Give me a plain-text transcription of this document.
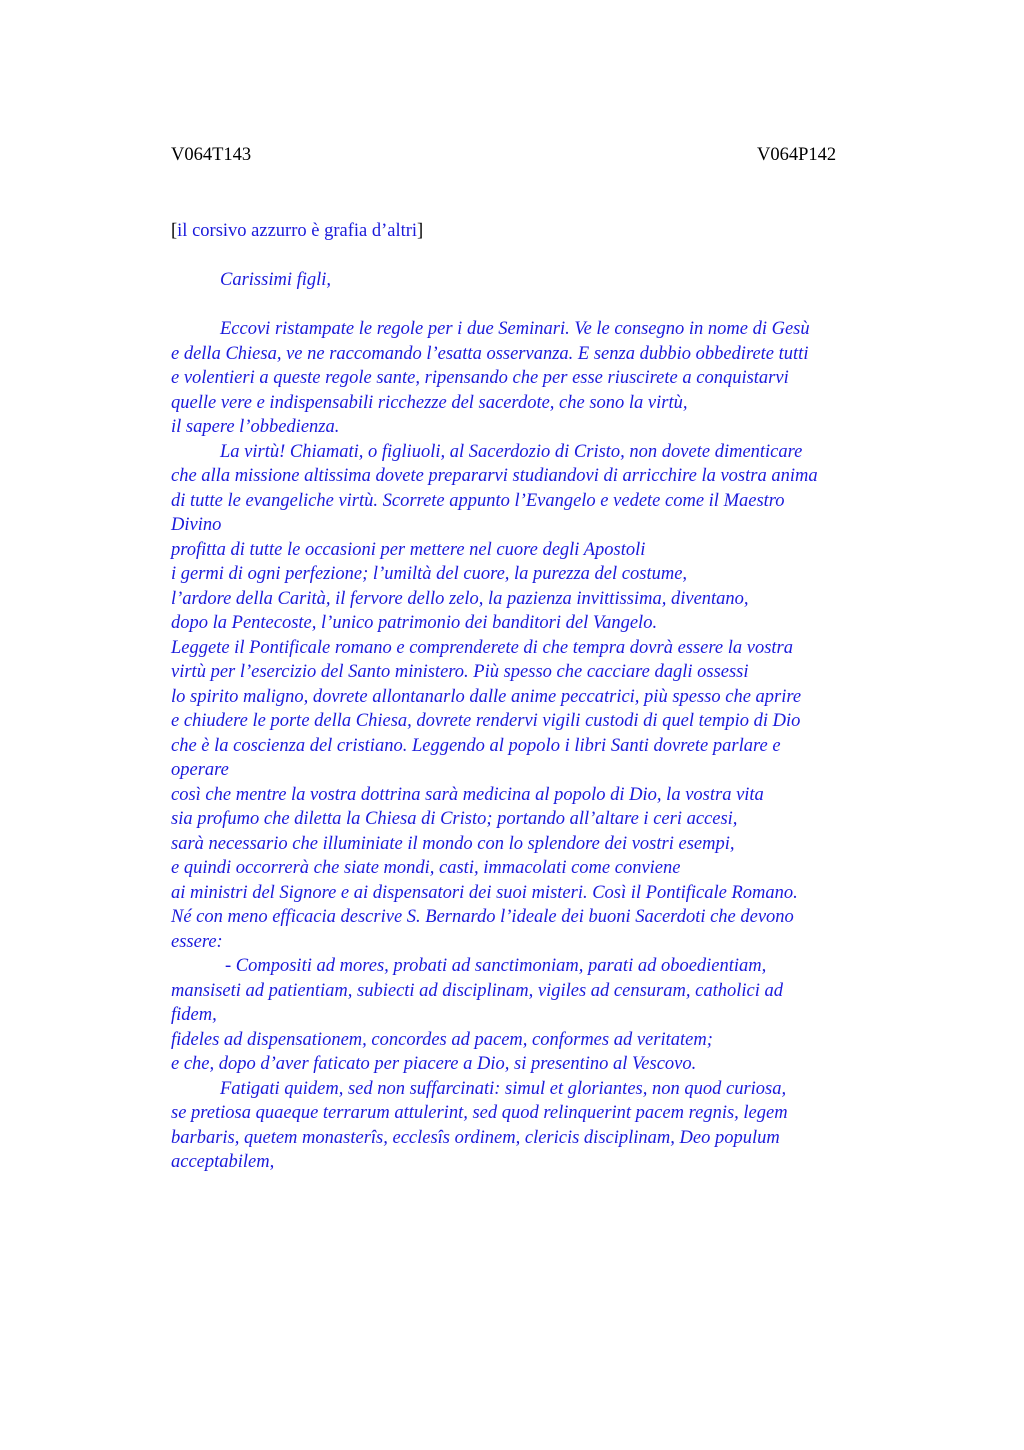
V064T143	V064P142
[il corsivo azzurro è grafia d’altri]
Carissimi figli,
Eccovi ristampate le regole per i due Seminari. Ve le consegno in nome di Gesù
e della Chiesa, ve ne raccomando l’esatta osservanza. E senza dubbio obbedirete tutti
e volentieri a queste regole sante, ripensando che per esse riuscirete a conquistarvi
quelle vere e indispensabili ricchezze del sacerdote, che sono la virtù,
il sapere l’obbedienza.
La virtù! Chiamati, o figliuoli, al Sacerdozio di Cristo, non dovete dimenticare
che alla missione altissima dovete prepararvi studiandovi di arricchire la vostra anima
di tutte le evangeliche virtù. Scorrete appunto l’Evangelo e vedete come il Maestro
Divino
profitta di tutte le occasioni per mettere nel cuore degli Apostoli
i germi di ogni perfezione; l’umiltà del cuore, la purezza del costume,
l’ardore della Carità, il fervore dello zelo, la pazienza invittissima, diventano,
dopo la Pentecoste, l’unico patrimonio dei banditori del Vangelo.
Leggete il Pontificale romano e comprenderete di che tempra dovrà essere la vostra
virtù per l’esercizio del Santo ministero. Più spesso che cacciare dagli ossessi
lo spirito maligno, dovrete allontanarlo dalle anime peccatrici, più spesso che aprire
e chiudere le porte della Chiesa, dovrete rendervi vigili custodi di quel tempio di Dio
che è la coscienza del cristiano. Leggendo al popolo i libri Santi dovrete parlare e
operare
così che mentre la vostra dottrina sarà medicina al popolo di Dio, la vostra vita
sia profumo che diletta la Chiesa di Cristo; portando all’altare i ceri accesi,
sarà necessario che illuminiate il mondo con lo splendore dei vostri esempi,
e quindi occorrerà che siate mondi, casti, immacolati come conviene
ai ministri del Signore e ai dispensatori dei suoi misteri. Così il Pontificale Romano.
Né con meno efficacia descrive S. Bernardo l’ideale dei buoni Sacerdoti che devono
essere:
- Compositi ad mores, probati ad sanctimoniam, parati ad oboedientiam,
mansiseti ad patientiam, subiecti ad disciplinam, vigiles ad censuram, catholici ad
fidem,
fideles ad dispensationem, concordes ad pacem, conformes ad veritatem;
e che, dopo d’aver faticato per piacere a Dio, si presentino al Vescovo.
Fatigati quidem, sed non suffarcinati: simul et gloriantes, non quod curiosa,
se pretiosa quaeque terrarum attulerint, sed quod relinquerint pacem regnis, legem
barbaris, quetem monasterîs, ecclesîs ordinem, clericis disciplinam, Deo populum
acceptabilem,
